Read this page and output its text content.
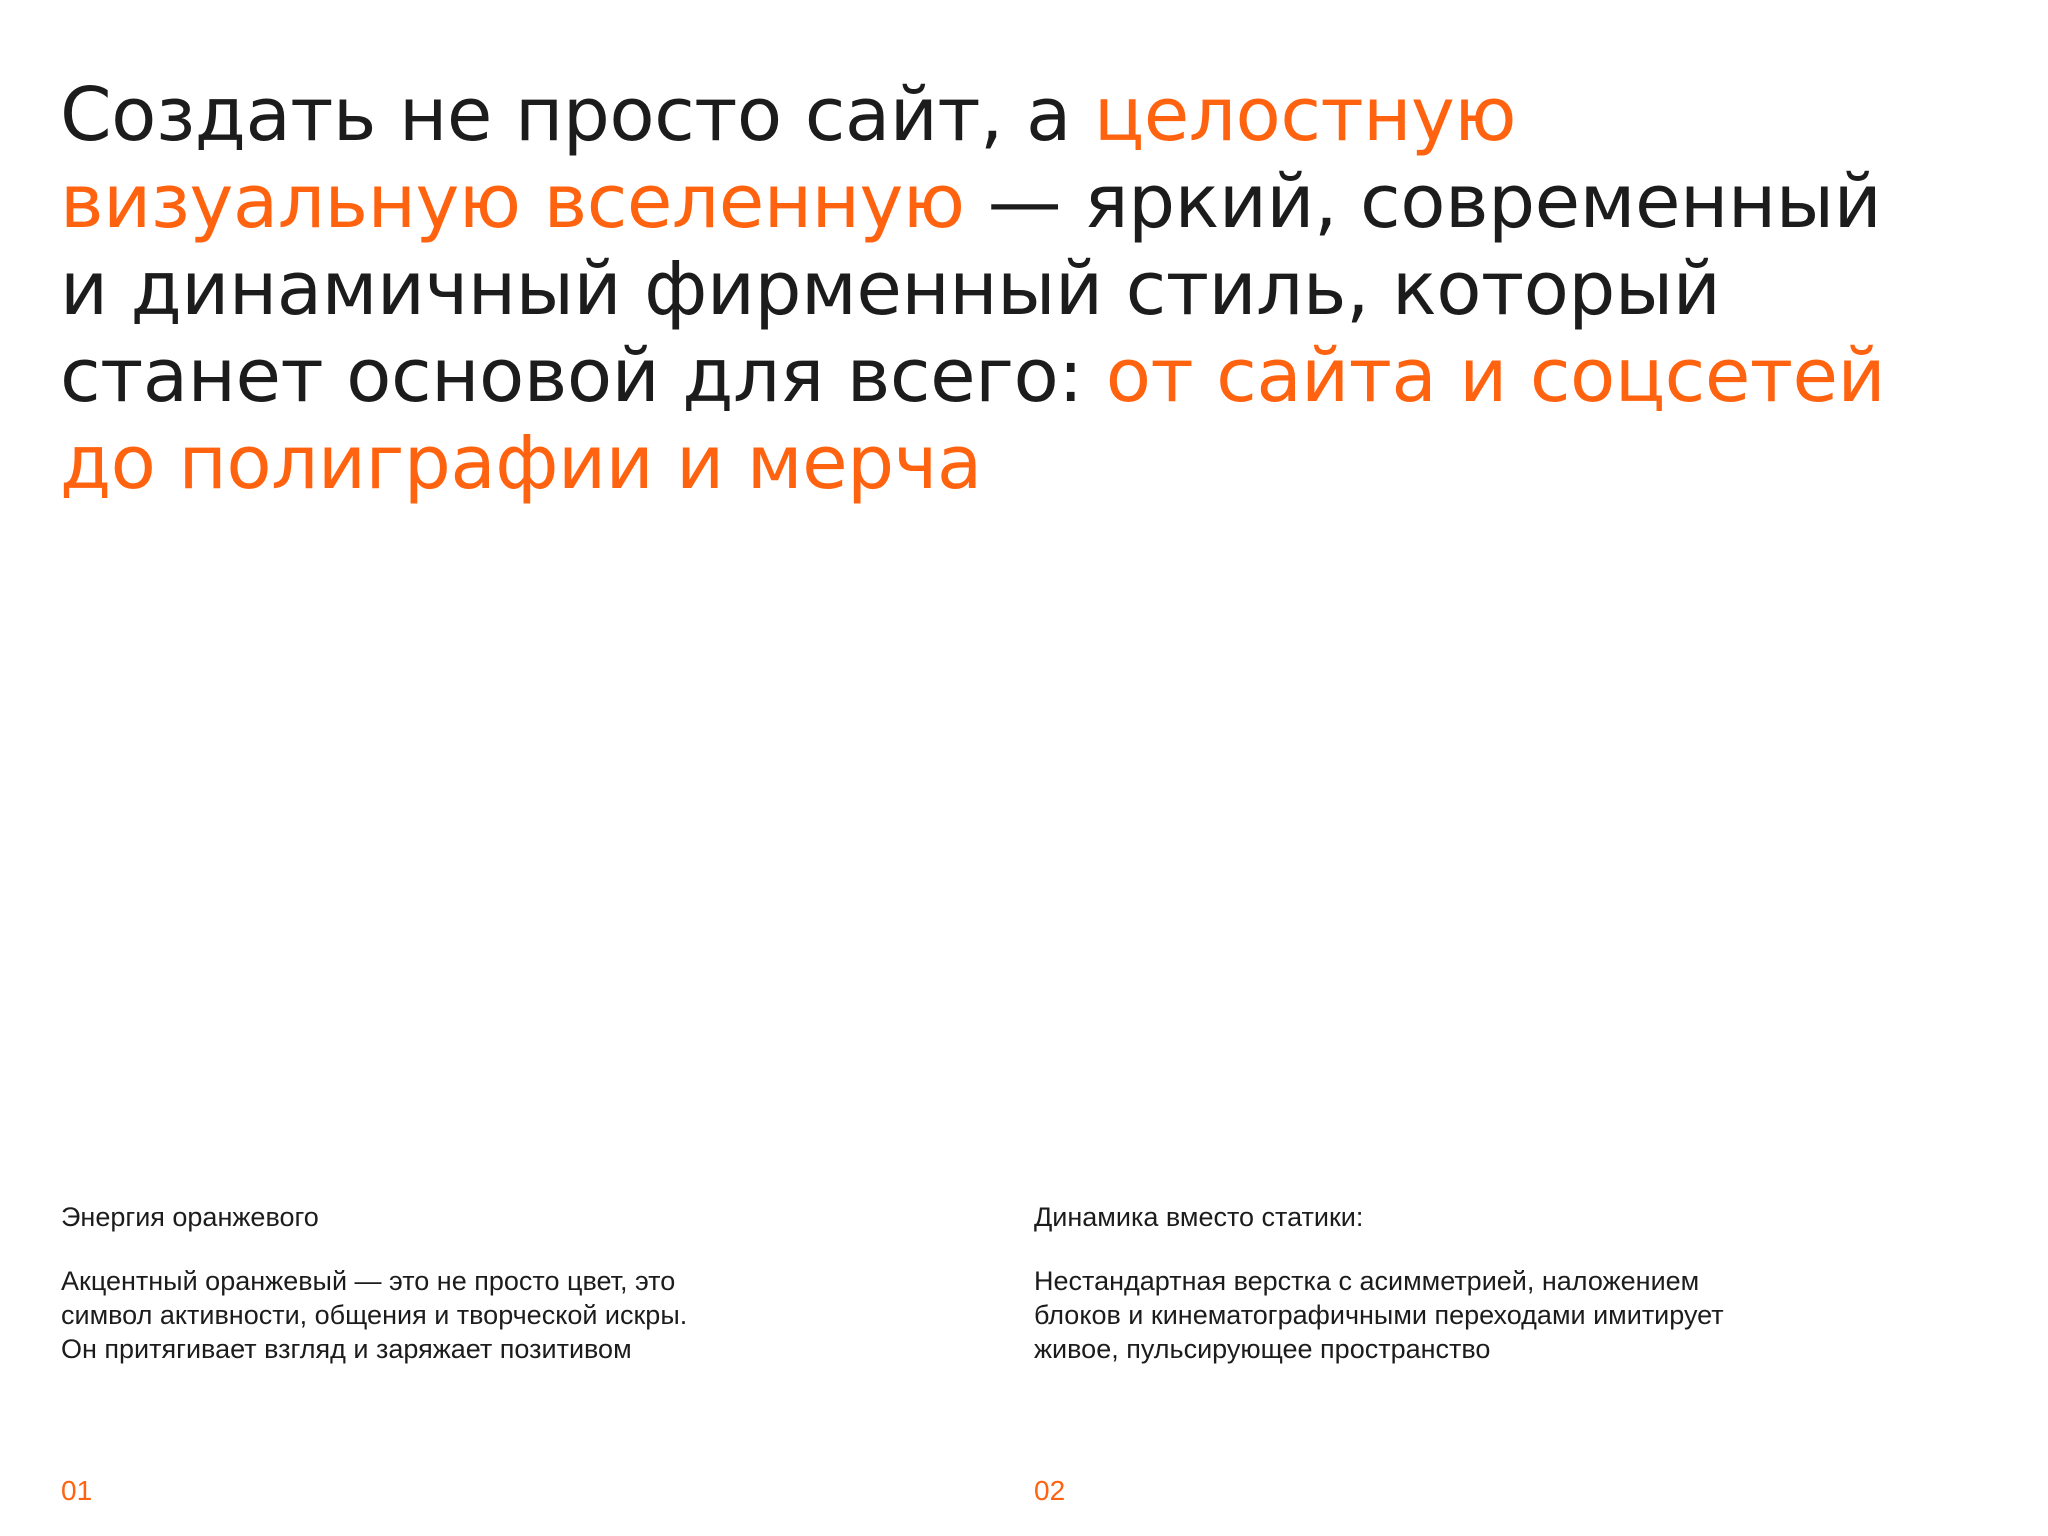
Создать не просто сайт, а целостную
визуальную вселенную — яркий, современный
и динамичный фирменный стиль, который
станет основой для всего: от сайта и соцсетей
до полиграфии и мерча
Энергия оранжевого

Акцентный оранжевый — это не просто цвет, это
символ активности, общения и творческой искры.
Он притягивает взгляд и заряжает позитивом

Динамика вместо статики:

Нестандартная верстка с асимметрией, наложением
блоков и кинематографичными переходами имитирует
живое, пульсирующее пространство

01	02
